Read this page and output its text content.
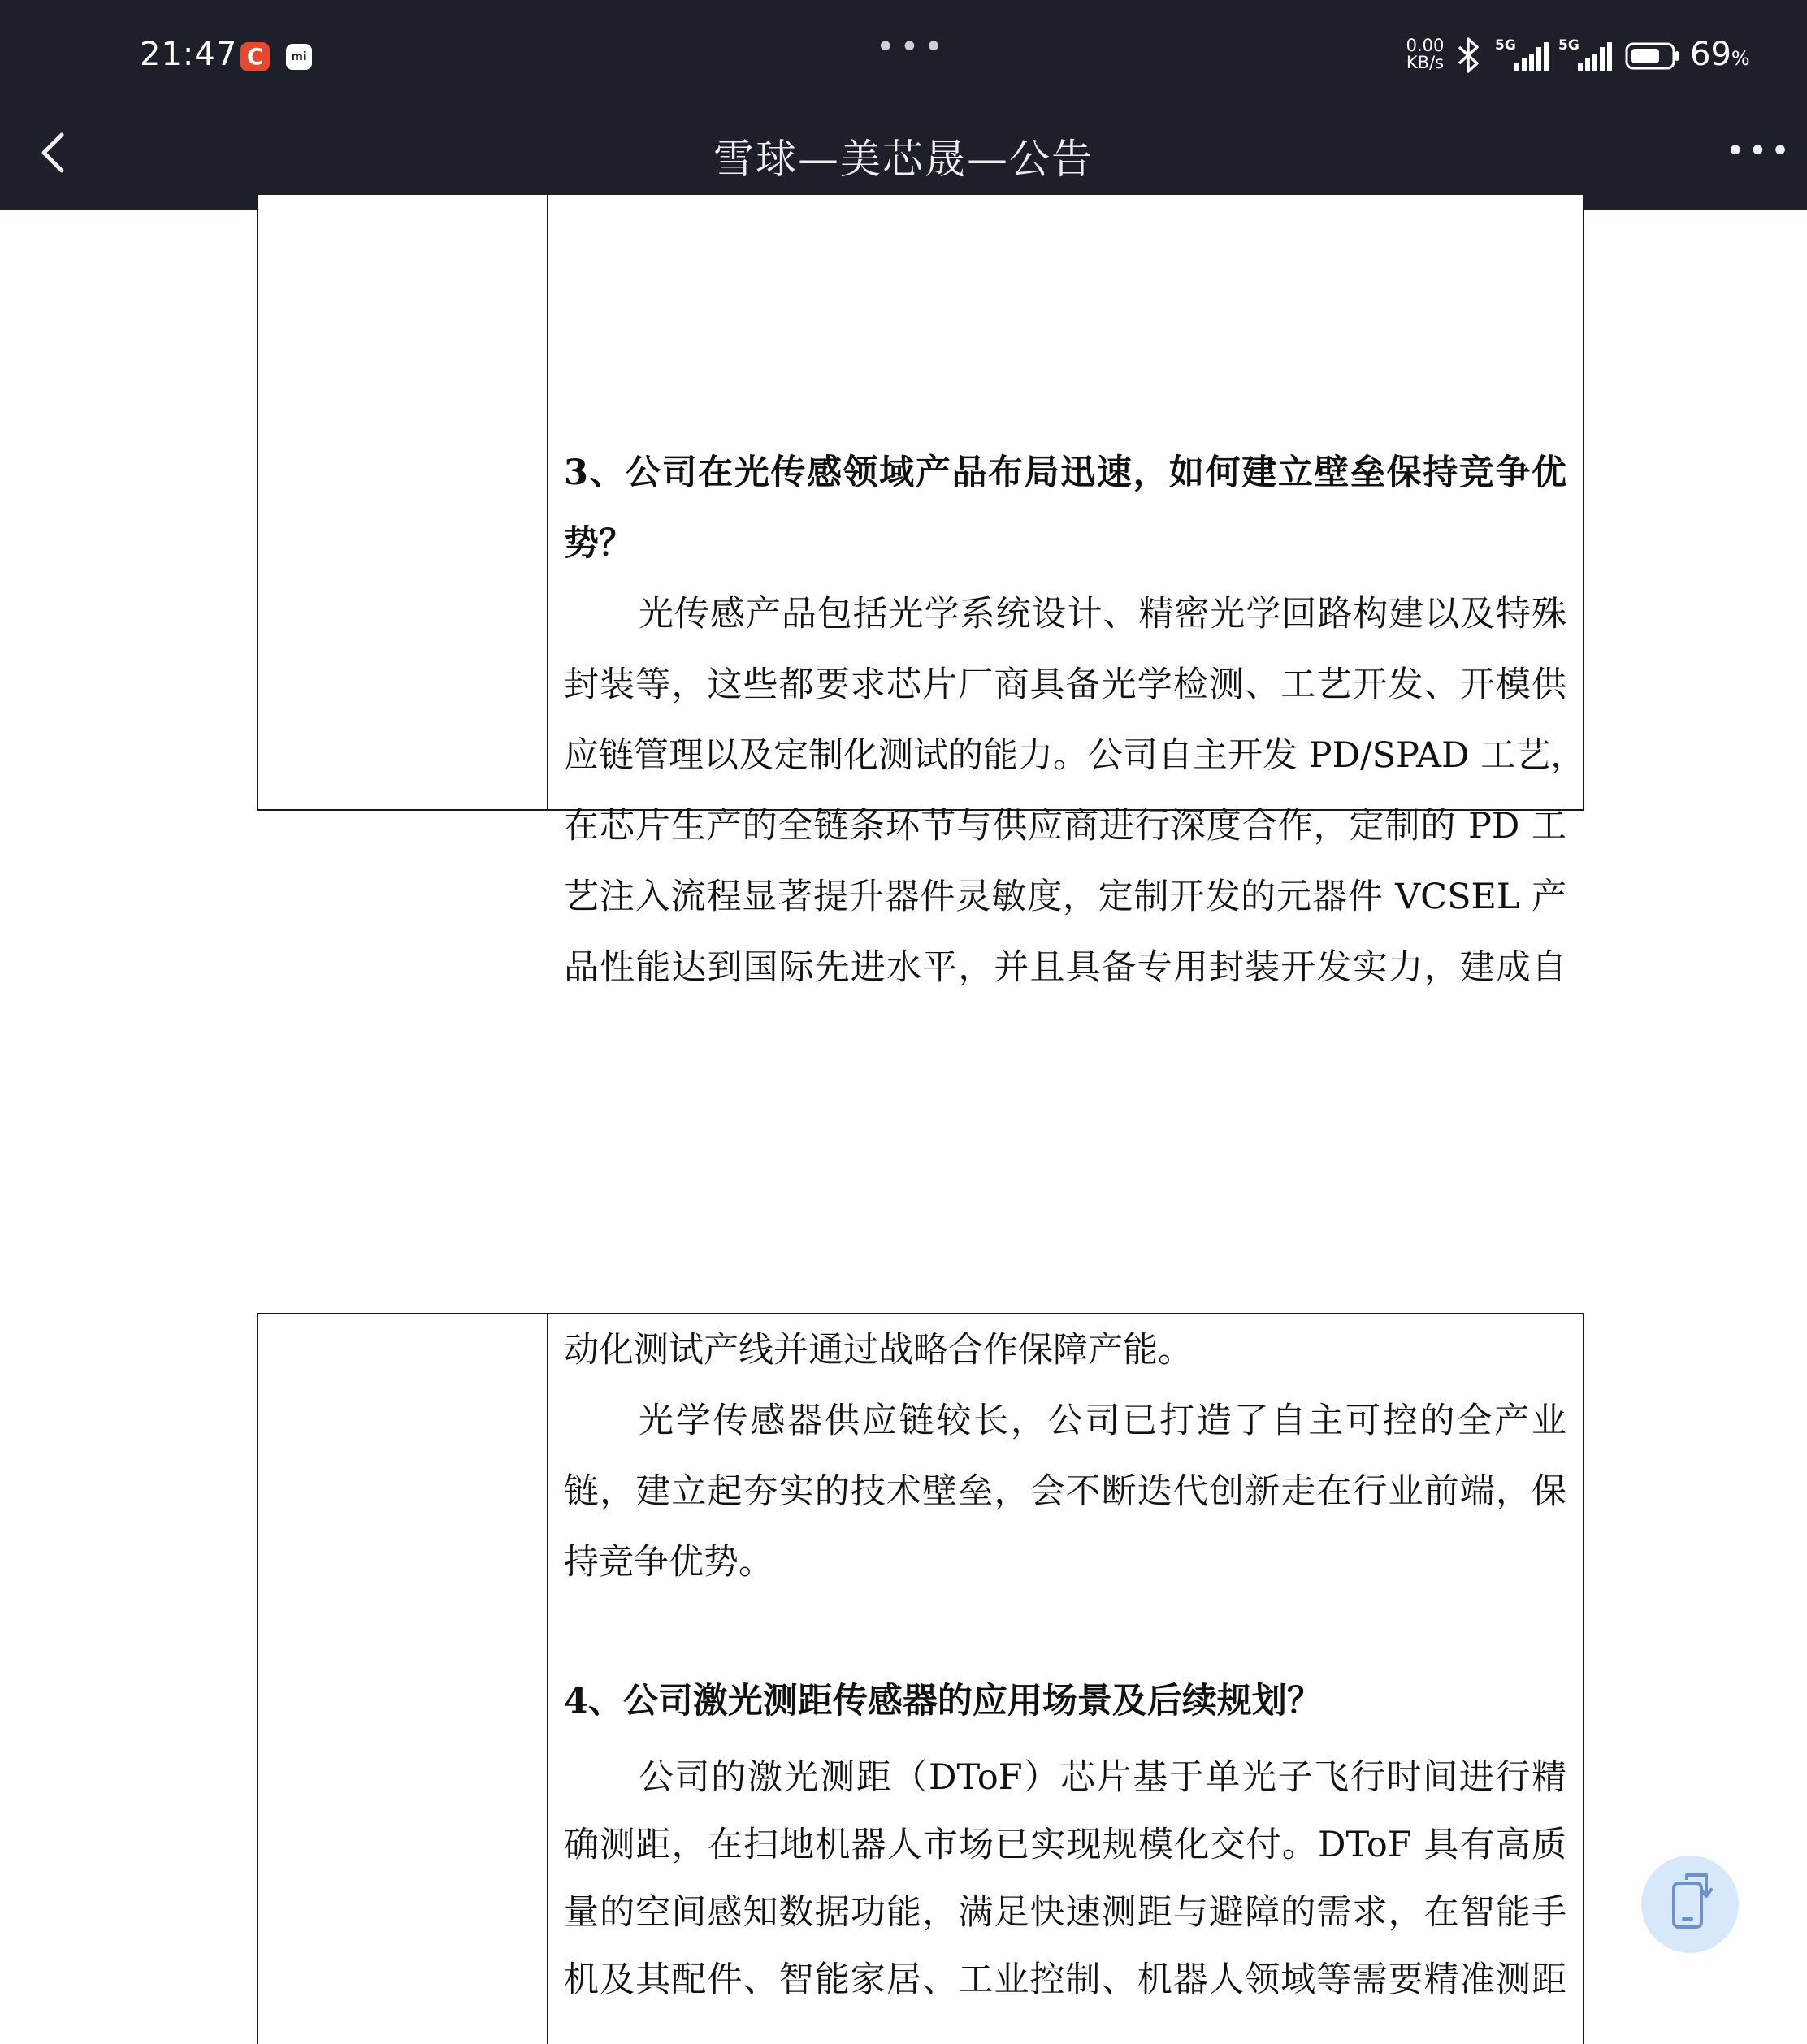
21:47 C	mi	•••	0.00
KB/s
5G	5G	69%
雪球—美芯晟—公告	•••
3、公司在光传感领域产品布局迅速，如何建立壁垒保持竞争优
势？
光传感产品包括光学系统设计、精密光学回路构建以及特殊
封装等，这些都要求芯片厂商具备光学检测、工艺开发、开模供
应链管理以及定制化测试的能力。公司自主开发 PD/SPAD 工艺，
在芯片生产的全链条环节与供应商进行深度合作，定制的 PD 工
艺注入流程显著提升器件灵敏度，定制开发的元器件 VCSEL 产
品性能达到国际先进水平，并且具备专用封装开发实力，建成自
动化测试产线并通过战略合作保障产能。
光学传感器供应链较长，公司已打造了自主可控的全产业
链，建立起夯实的技术壁垒，会不断迭代创新走在行业前端，保
持竞争优势。
4、公司激光测距传感器的应用场景及后续规划？
公司的激光测距（DToF）芯片基于单光子飞行时间进行精
确测距，在扫地机器人市场已实现规模化交付。DToF 具有高质
量的空间感知数据功能，满足快速测距与避障的需求，在智能手
机及其配件、智能家居、工业控制、机器人领域等需要精准测距
